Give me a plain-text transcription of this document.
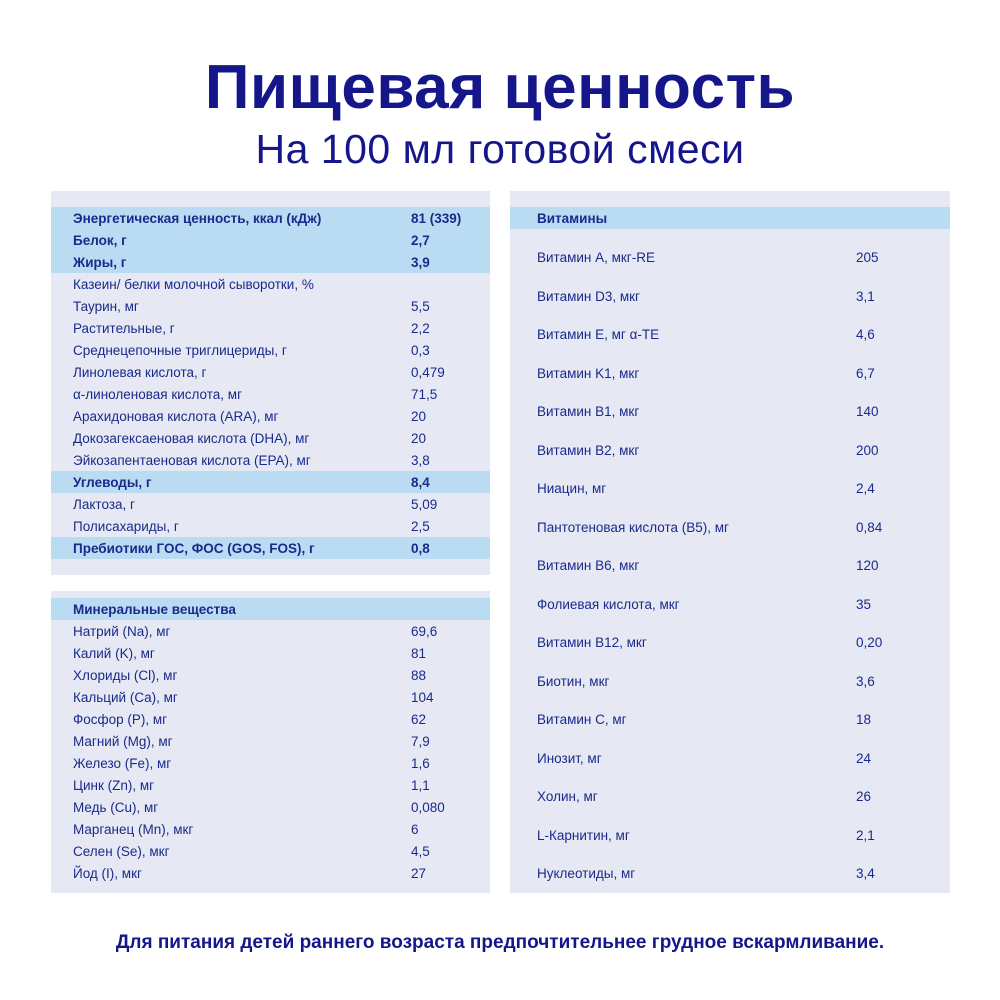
Пищевая ценность
На 100 мл готовой смеси
Энергетическая ценность, ккал (кДж)	81 (339)
Белок, г	2,7
Жиры, г	3,9
Казеин/ белки молочной сыворотки, %
Таурин, мг	5,5
Растительные, г	2,2
Среднецепочные триглицериды, г	0,3
Линолевая кислота, г	0,479
α-линоленовая кислота, мг	71,5
Арахидоновая кислота (ARA), мг	20
Докозагексаеновая кислота (DHA), мг	20
Эйкозапентаеновая кислота (EPA), мг	3,8
Углеводы, г	8,4
Лактоза, г	5,09
Полисахариды, г	2,5
Пребиотики ГОС, ФОС (GOS, FOS), г	0,8
Минеральные вещества
Натрий (Na), мг	69,6
Калий (K), мг	81
Хлориды (Cl), мг	88
Кальций (Ca), мг	104
Фосфор (P), мг	62
Магний (Mg), мг	7,9
Железо (Fe), мг	1,6
Цинк (Zn), мг	1,1
Медь (Cu), мг	0,080
Марганец (Mn), мкг	6
Селен (Se), мкг	4,5
Йод (I), мкг	27
Витамины
Витамин A, мкг-RE	205
Витамин D3, мкг	3,1
Витамин E, мг α-TE	4,6
Витамин K1, мкг	6,7
Витамин B1, мкг	140
Витамин B2, мкг	200
Ниацин, мг	2,4
Пантотеновая кислота (B5), мг	0,84
Витамин B6, мкг	120
Фолиевая кислота, мкг	35
Витамин B12, мкг	0,20
Биотин, мкг	3,6
Витамин C, мг	18
Инозит, мг	24
Холин, мг	26
L-Карнитин, мг	2,1
Нуклеотиды, мг	3,4
Для питания детей раннего возраста предпочтительнее грудное вскармливание.
